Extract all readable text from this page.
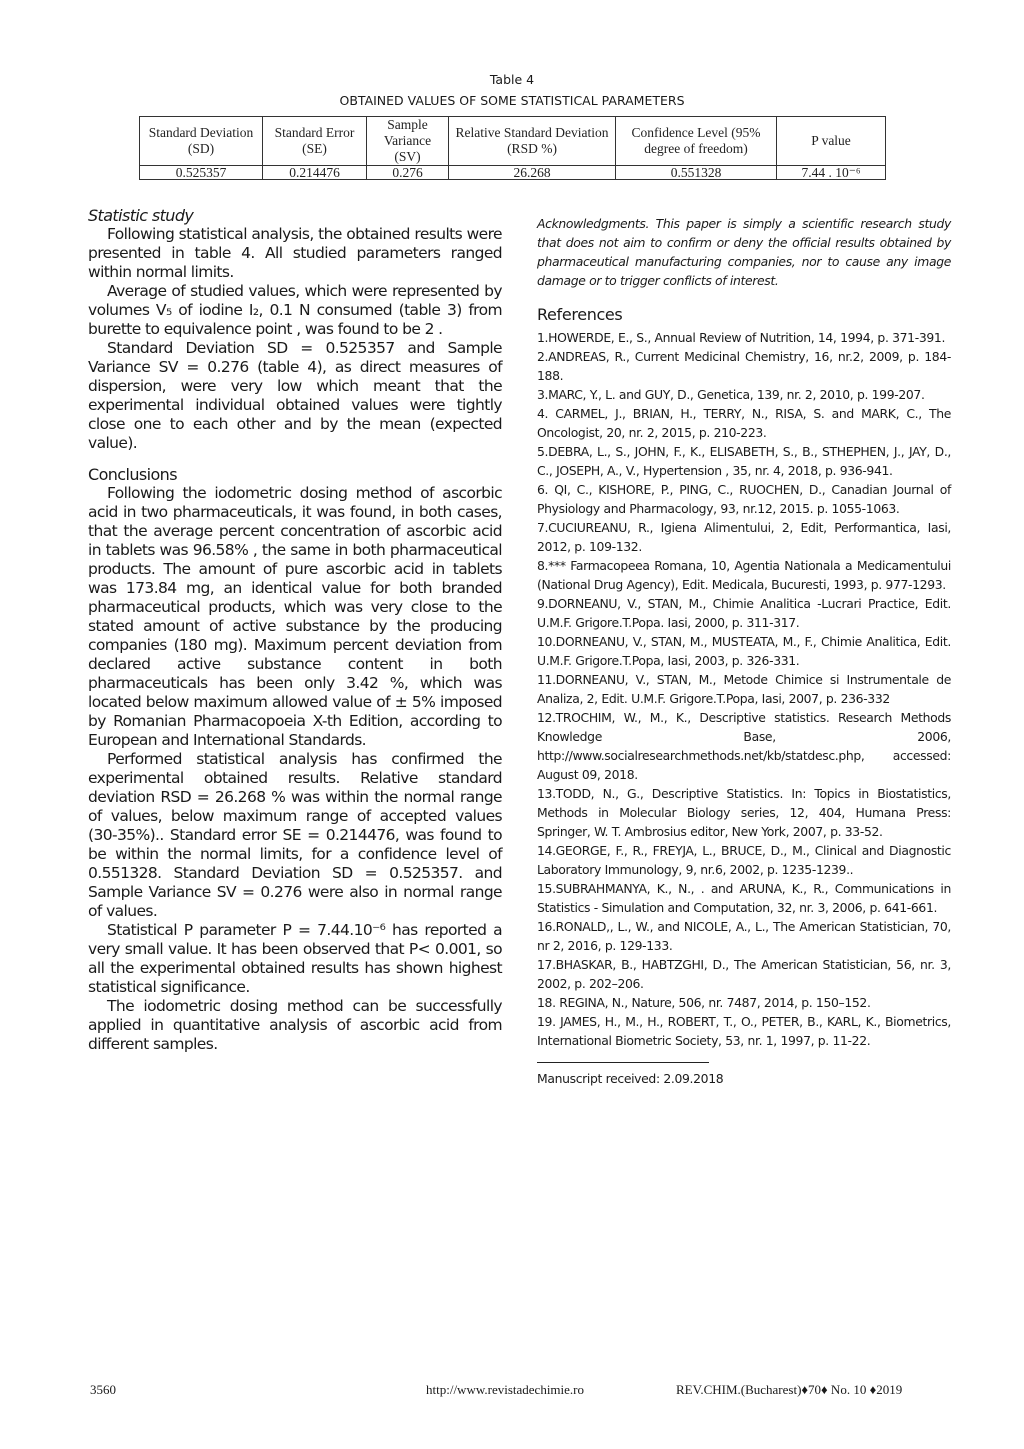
Table 4
OBTAINED VALUES OF SOME STATISTICAL PARAMETERS
Standard Deviation (SD)	Standard Error (SE)	Sample Variance (SV)	Relative Standard Deviation (RSD %)	Confidence Level (95% degree of freedom)	P value
0.525357	0.214476	0.276	26.268	0.551328	7.44 . 10⁻⁶
Statistic study

Following statistical analysis, the obtained results were presented in table 4. All studied parameters ranged within normal limits.

Average of studied values, which were represented by volumes V₅ of iodine I₂, 0.1 N consumed (table 3) from burette to equivalence point , was found to be 2 .

Standard Deviation SD = 0.525357 and Sample Variance SV = 0.276 (table 4), as direct measures of dispersion, were very low which meant that the experimental individual obtained values were tightly close one to each other and by the mean (expected value).

Conclusions

Following the iodometric dosing method of ascorbic acid in two pharmaceuticals, it was found, in both cases, that the average percent concentration of ascorbic acid in tablets was 96.58% , the same in both pharmaceutical products. The amount of pure ascorbic acid in tablets was 173.84 mg, an identical value for both branded pharmaceutical products, which was very close to the stated amount of active substance by the producing companies (180 mg). Maximum percent deviation from declared active substance content in both pharmaceuticals has been only 3.42 %, which was located below maximum allowed value of ± 5% imposed by Romanian Pharmacopoeia X-th Edition, according to European and International Standards.

Performed statistical analysis has confirmed the experimental obtained results. Relative standard deviation RSD = 26.268 % was within the normal range of values, below maximum range of accepted values (30-35%).. Standard error SE = 0.214476, was found to be within the normal limits, for a confidence level of 0.551328. Standard Deviation SD = 0.525357. and Sample Variance SV = 0.276 were also in normal range of values.

Statistical P parameter P = 7.44.10⁻⁶ has reported a very small value. It has been observed that P< 0.001, so all the experimental obtained results has shown highest statistical significance.

The iodometric dosing method can be successfully applied in quantitative analysis of ascorbic acid from different samples.

Acknowledgments. This paper is simply a scientific research study that does not aim to confirm or deny the official results obtained by pharmaceutical manufacturing companies, nor to cause any image damage or to trigger conflicts of interest.
References

1.HOWERDE, E., S., Annual Review of Nutrition, 14, 1994, p. 371-391.

2.ANDREAS, R., Current Medicinal Chemistry, 16, nr.2, 2009, p. 184-188.

3.MARC, Y., L. and GUY, D., Genetica, 139, nr. 2, 2010, p. 199-207.

4. CARMEL, J., BRIAN, H., TERRY, N., RISA, S. and MARK, C., The Oncologist, 20, nr. 2, 2015, p. 210-223.

5.DEBRA, L., S., JOHN, F., K., ELISABETH, S., B., STHEPHEN, J., JAY, D., C., JOSEPH, A., V., Hypertension , 35, nr. 4, 2018, p. 936-941.

6. QI, C., KISHORE, P., PING, C., RUOCHEN, D., Canadian Journal of Physiology and Pharmacology, 93, nr.12, 2015. p. 1055-1063.

7.CUCIUREANU, R., Igiena Alimentului, 2, Edit, Performantica, Iasi, 2012, p. 109-132.

8.*** Farmacopeea Romana, 10, Agentia Nationala a Medicamentului (National Drug Agency), Edit. Medicala, Bucuresti, 1993, p. 977-1293.

9.DORNEANU, V., STAN, M., Chimie Analitica -Lucrari Practice, Edit. U.M.F. Grigore.T.Popa. Iasi, 2000, p. 311-317.

10.DORNEANU, V., STAN, M., MUSTEATA, M., F., Chimie Analitica, Edit. U.M.F. Grigore.T.Popa, Iasi, 2003, p. 326-331.

11.DORNEANU, V., STAN, M., Metode Chimice si Instrumentale de Analiza, 2, Edit. U.M.F. Grigore.T.Popa, Iasi, 2007, p. 236-332

12.TROCHIM, W., M., K., Descriptive statistics. Research Methods Knowledge Base, 2006, http://www.socialresearchmethods.net/kb/statdesc.php, accessed: August 09, 2018.

13.TODD, N., G., Descriptive Statistics. In: Topics in Biostatistics, Methods in Molecular Biology series, 12, 404, Humana Press: Springer, W. T. Ambrosius editor, New York, 2007, p. 33-52.

14.GEORGE, F., R., FREYJA, L., BRUCE, D., M., Clinical and Diagnostic Laboratory Immunology, 9, nr.6, 2002, p. 1235-1239..

15.SUBRAHMANYA, K., N., . and ARUNA, K., R., Communications in Statistics - Simulation and Computation, 32, nr. 3, 2006, p. 641-661.

16.RONALD,, L., W., and NICOLE, A., L., The American Statistician, 70, nr 2, 2016, p. 129-133.

17.BHASKAR, B., HABTZGHI, D., The American Statistician, 56, nr. 3, 2002, p. 202–206.

18. REGINA, N., Nature, 506, nr. 7487, 2014, p. 150–152.

19. JAMES, H., M., H., ROBERT, T., O., PETER, B., KARL, K., Biometrics, International Biometric Society, 53, nr. 1, 1997, p. 11-22.

Manuscript received: 2.09.2018
3560	http://www.revistadechimie.ro	REV.CHIM.(Bucharest)♦70♦ No. 10 ♦2019
